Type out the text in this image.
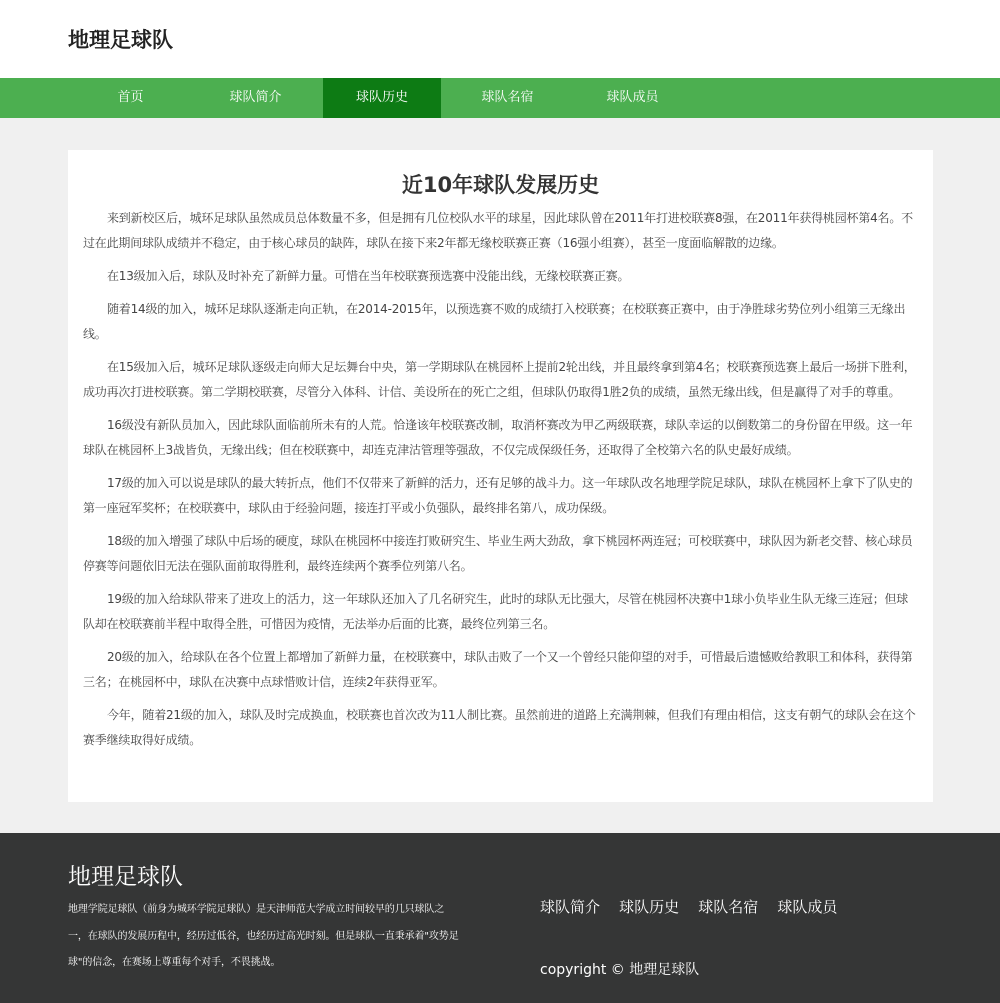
地理足球队
首页	球队简介	球队历史	球队名宿	球队成员
近10年球队发展历史

来到新校区后，城环足球队虽然成员总体数量不多，但是拥有几位校队水平的球星，因此球队曾在2011年打进校联赛8强，在2011年获得桃园杯第4名。不过在此期间球队成绩并不稳定，由于核心球员的缺阵，球队在接下来2年都无缘校联赛正赛（16强小组赛），甚至一度面临解散的边缘。

在13级加入后，球队及时补充了新鲜力量。可惜在当年校联赛预选赛中没能出线，无缘校联赛正赛。

随着14级的加入，城环足球队逐渐走向正轨，在2014-2015年，以预选赛不败的成绩打入校联赛；在校联赛正赛中，由于净胜球劣势位列小组第三无缘出线。

在15级加入后，城环足球队逐级走向师大足坛舞台中央，第一学期球队在桃园杯上提前2轮出线，并且最终拿到第4名；校联赛预选赛上最后一场拼下胜利，成功再次打进校联赛。第二学期校联赛，尽管分入体科、计信、美设所在的死亡之组，但球队仍取得1胜2负的成绩，虽然无缘出线，但是赢得了对手的尊重。

16级没有新队员加入，因此球队面临前所未有的人荒。恰逢该年校联赛改制，取消杯赛改为甲乙两级联赛，球队幸运的以倒数第二的身份留在甲级。这一年球队在桃园杯上3战皆负，无缘出线；但在校联赛中，却连克津沽管理等强敌，不仅完成保级任务，还取得了全校第六名的队史最好成绩。

17级的加入可以说是球队的最大转折点，他们不仅带来了新鲜的活力，还有足够的战斗力。这一年球队改名地理学院足球队，球队在桃园杯上拿下了队史的第一座冠军奖杯；在校联赛中，球队由于经验问题，接连打平或小负强队，最终排名第八，成功保级。

18级的加入增强了球队中后场的硬度，球队在桃园杯中接连打败研究生、毕业生两大劲敌，拿下桃园杯两连冠；可校联赛中，球队因为新老交替、核心球员停赛等问题依旧无法在强队面前取得胜利，最终连续两个赛季位列第八名。

19级的加入给球队带来了进攻上的活力，这一年球队还加入了几名研究生，此时的球队无比强大，尽管在桃园杯决赛中1球小负毕业生队无缘三连冠；但球队却在校联赛前半程中取得全胜，可惜因为疫情，无法举办后面的比赛，最终位列第三名。

20级的加入，给球队在各个位置上都增加了新鲜力量，在校联赛中，球队击败了一个又一个曾经只能仰望的对手，可惜最后遗憾败给教职工和体科，获得第三名；在桃园杯中，球队在决赛中点球惜败计信，连续2年获得亚军。

今年，随着21级的加入，球队及时完成换血，校联赛也首次改为11人制比赛。虽然前进的道路上充满荆棘，但我们有理由相信，这支有朝气的球队会在这个赛季继续取得好成绩。

地理足球队

地理学院足球队（前身为城环学院足球队）是天津师范大学成立时间较早的几只球队之一，在球队的发展历程中，经历过低谷，也经历过高光时刻。但是球队一直秉承着"攻势足球"的信念，在赛场上尊重每个对手，不畏挑战。

球队简介 球队历史 球队名宿 球队成员
copyright © 地理足球队
